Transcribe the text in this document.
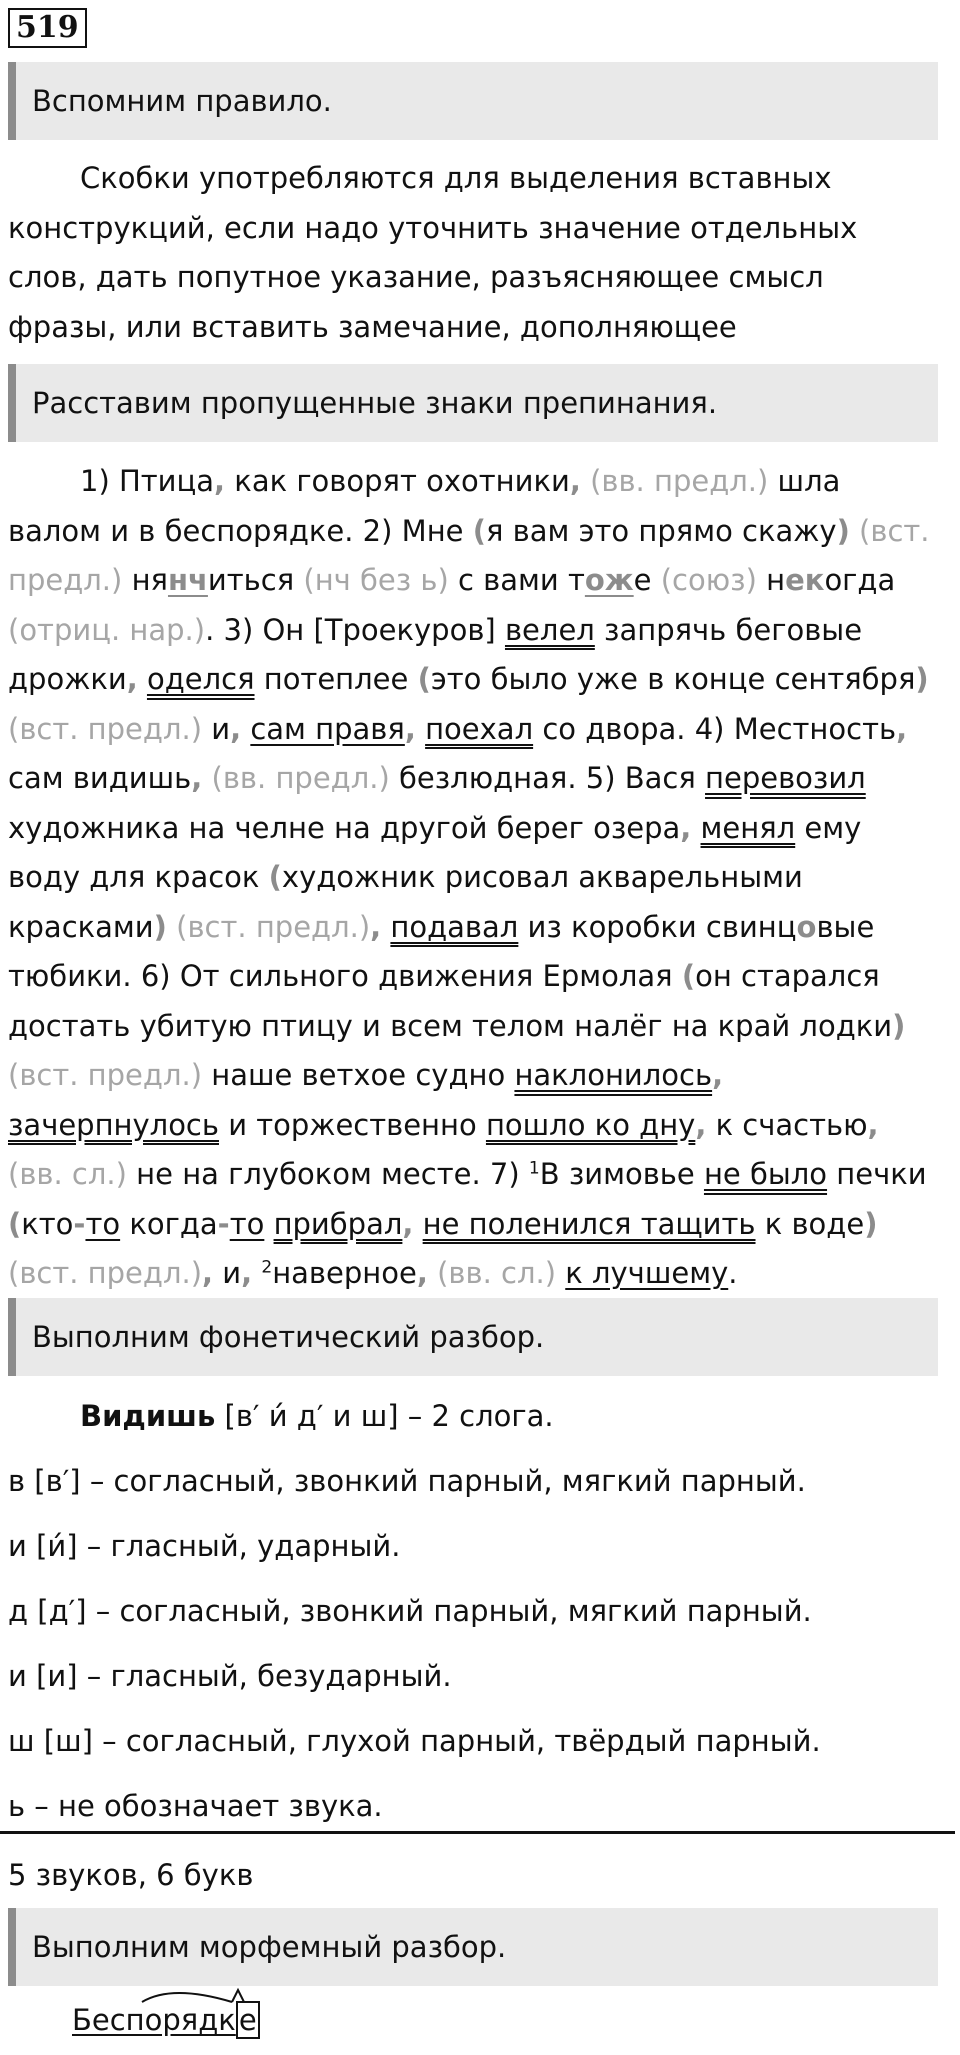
519
Вспомним правило.

Скобки употребляются для выделения вставных конструкций, если надо уточнить значение отдельных слов, дать попутное указание, разъясняющее смысл фразы, или вставить замечание, дополняющее

Расставим пропущенные знаки препинания.

1) Птица, как говорят охотники, (вв. предл.) шла валом и в беспорядке. 2) Мне (я вам это прямо скажу) (вст. предл.) нянчиться (нч без ь) с вами тоже (союз) некогда (отриц. нар.). 3) Он [Троекуров] велел запрячь беговые дрожки, оделся потеплее (это было уже в конце сентября) (вст. предл.) и, сам правя, поехал со двора. 4) Местность, сам видишь, (вв. предл.) безлюдная. 5) Вася перевозил художника на челне на другой берег озера, менял ему воду для красок (художник рисовал акварельными красками) (вст. предл.), подавал из коробки свинцовые тюбики. 6) От сильного движения Ермолая (он старался достать убитую птицу и всем телом налёг на край лодки) (вст. предл.) наше ветхое судно наклонилось, зачерпнулось и торжественно пошло ко дну, к счастью, (вв. сл.) не на глубоком месте. 7) $^1$В зимовье не было печки (кто-то когда-то прибрал, не поленился тащить к воде) (вст. предл.), и, $^2$наверное, (вв. сл.) к лучшему.

Выполним фонетический разбор.
Видишь [в′ и́ д′ и ш] – 2 слога.
в [в′] – согласный, звонкий парный, мягкий парный.
и [и́] – гласный, ударный.
д [д′] – согласный, звонкий парный, мягкий парный.
и [и] – гласный, безударный.
ш [ш] – согласный, глухой парный, твёрдый парный.
ь – не обозначает звука.
5 звуков, 6 букв
Выполним морфемный разбор.
Беспорядк е
